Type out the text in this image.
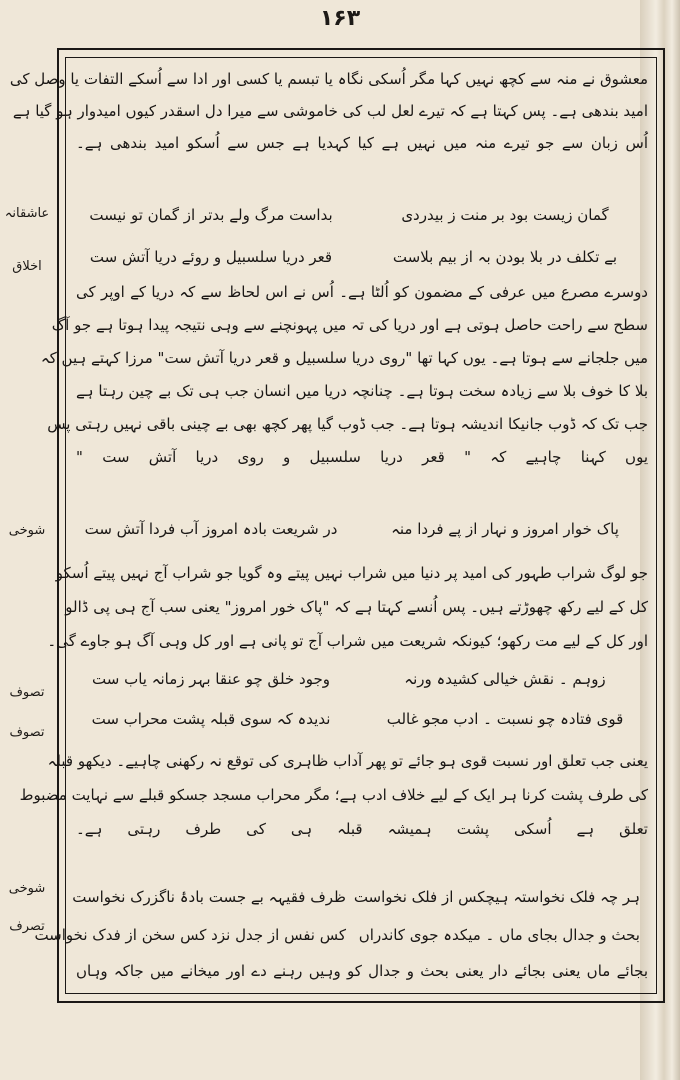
۱۶۳
عاشقانہ
اخلاق
شوخی
تصوف
تصوف
شوخی
تصرف
معشوق نے منہ سے کچھ نہیں کہا مگر اُسکی نگاہ یا تبسم یا کسی اور ادا سے اُسکے التفات یا وصل کی
امید بندھی ہے۔ پس کہتا ہے کہ تیرے لعل لب کی خاموشی سے میرا دل اسقدر کیوں امیدوار ہو گیا ہے
اُس زبان سے جو تیرے منہ میں نہیں ہے کیا کہدیا ہے جس سے اُسکو امید بندھی ہے۔
گمان زیست بود بر منت ز بیدردی
بداست مرگ ولے بدتر از گمان تو نیست
بے تکلف در بلا بودن بہ از بیم بلاست
قعر دریا سلسبیل و روئے دریا آتش ست
دوسرے مصرع میں عرفی کے مضمون کو اُلٹا ہے۔ اُس نے اس لحاظ سے کہ دریا کے اوپر کی
سطح سے راحت حاصل ہوتی ہے اور دریا کی تہ میں پہونچنے سے وہی نتیجہ پیدا ہوتا ہے جو آگ
میں جلجانے سے ہوتا ہے۔ یوں کہا تھا "روی دریا سلسبیل و قعر دریا آتش ست" مرزا کہتے ہیں کہ
بلا کا خوف بلا سے زیادہ سخت ہوتا ہے۔ چنانچہ دریا میں انسان جب ہی تک بے چین رہتا ہے
جب تک کہ ڈوب جانیکا اندیشہ ہوتا ہے۔ جب ڈوب گیا پھر کچھ بھی بے چینی باقی نہیں رہتی پس
یوں کہنا چاہیے کہ " قعر دریا سلسبیل و روی دریا آتش ست "
پاک خوار امروز و نہار از پے فردا منہ
در شریعت بادہ امروز آب فردا آتش ست
جو لوگ شراب طہور کی امید پر دنیا میں شراب نہیں پیتے وہ گویا جو شراب آج نہیں پیتے اُسکو
کل کے لیے رکھ چھوڑتے ہیں۔ پس اُنسے کہتا ہے کہ "پاک خور امروز" یعنی سب آج ہی پی ڈالو
اور کل کے لیے مت رکھو؛ کیونکہ شریعت میں شراب آج تو پانی ہے اور کل وہی آگ ہو جاوے گی۔
زوہم ۔ نقش خیالی کشیدہ ورنہ
وجود خلق چو عنقا بہر زمانہ یاب ست
قوی فتادہ چو نسبت ۔ ادب مجو غالب
ندیدہ کہ سوی قبلہ پشت محراب ست
یعنی جب تعلق اور نسبت قوی ہو جائے تو پھر آداب ظاہری کی توقع نہ رکھنی چاہیے۔ دیکھو قبلہ
کی طرف پشت کرنا ہر ایک کے لیے خلاف ادب ہے؛ مگر محراب مسجد جسکو قبلے سے نہایت مضبوط
تعلق ہے اُسکی پشت ہمیشہ قبلہ ہی کی طرف رہتی ہے۔
ہر چہ فلک نخواستہ ہیچکس از فلک نخواست
ظرف فقیہہ بے جست بادۂ ناگزرک نخواست
بحث و جدال بجای ماں ۔ میکدہ جوی کاندراں
کس نفس از جدل نزد کس سخن از فدک نخواست
بجائے ماں یعنی بجائے دار یعنی بحث و جدال کو وہیں رہنے دے اور میخانے میں جاکہ وہاں
